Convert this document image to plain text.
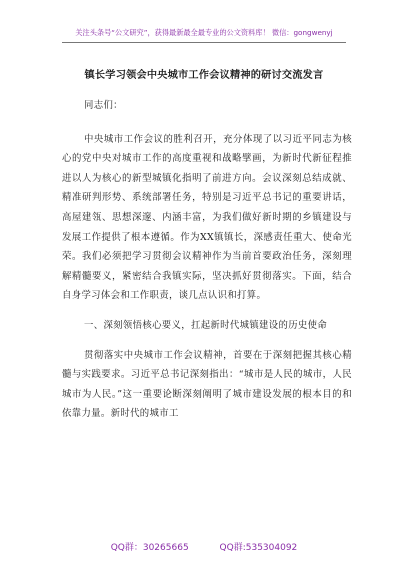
关注头条号“公文研究”，获得最新最全最专业的公文资料库！ 微信：gongwenyj
镇长学习领会中央城市工作会议精神的研讨交流发言

同志们：

中央城市工作会议的胜利召开，充分体现了以习近平同志为核心的党中央对城市工作的高度重视和战略擘画，为新时代新征程推进以人为核心的新型城镇化指明了前进方向。会议深刻总结成就、精准研判形势、系统部署任务，特别是习近平总书记的重要讲话，高屋建瓴、思想深邃、内涵丰富，为我们做好新时期的乡镇建设与发展工作提供了根本遵循。作为XX镇镇长，深感责任重大、使命光荣。我们必须把学习贯彻会议精神作为当前首要政治任务，深刻理解精髓要义，紧密结合我镇实际，坚决抓好贯彻落实。下面，结合自身学习体会和工作职责，谈几点认识和打算。

一、深刻领悟核心要义，扛起新时代城镇建设的历史使命

贯彻落实中央城市工作会议精神，首要在于深刻把握其核心精髓与实践要求。习近平总书记深刻指出：“城市是人民的城市，人民城市为人民。”这一重要论断深刻阐明了城市建设发展的根本目的和依靠力量。新时代的城市工

QQ群：30265665	QQ群:535304092
